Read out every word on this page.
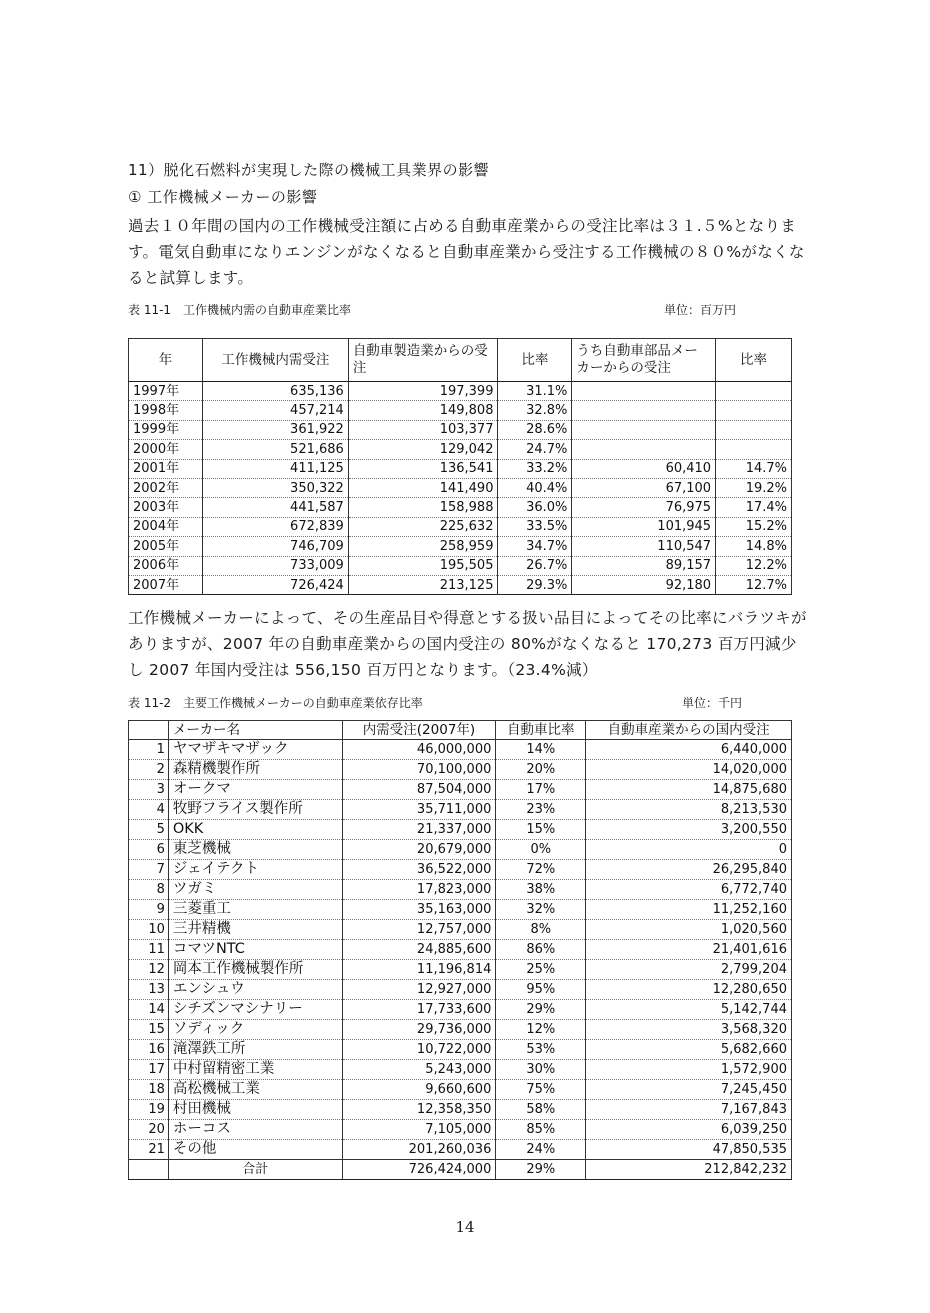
11）脱化石燃料が実現した際の機械工具業界の影響
① 工作機械メーカーの影響
過去１０年間の国内の工作機械受注額に占める自動車産業からの受注比率は３１.５%となります。電気自動車になりエンジンがなくなると自動車産業から受注する工作機械の８０%がなくなると試算します。
表 11-1　工作機械内需の自動車産業比率	単位：百万円
年	工作機械内需受注	自動車製造業からの受注	比率	うち自動車部品メーカーからの受注	比率
1997年	635,136	197,399	31.1%		
1998年	457,214	149,808	32.8%		
1999年	361,922	103,377	28.6%		
2000年	521,686	129,042	24.7%		
2001年	411,125	136,541	33.2%	60,410	14.7%
2002年	350,322	141,490	40.4%	67,100	19.2%
2003年	441,587	158,988	36.0%	76,975	17.4%
2004年	672,839	225,632	33.5%	101,945	15.2%
2005年	746,709	258,959	34.7%	110,547	14.8%
2006年	733,009	195,505	26.7%	89,157	12.2%
2007年	726,424	213,125	29.3%	92,180	12.7%
工作機械メーカーによって、その生産品目や得意とする扱い品目によってその比率にバラツキがありますが、2007 年の自動車産業からの国内受注の 80%がなくなると 170,273 百万円減少し 2007 年国内受注は 556,150 百万円となります。（23.4%減）
表 11-2　主要工作機械メーカーの自動車産業依存比率	単位：千円
	メーカー名	内需受注(2007年)	自動車比率	自動車産業からの国内受注
1	ヤマザキマザック	46,000,000	14%	6,440,000
2	森精機製作所	70,100,000	20%	14,020,000
3	オークマ	87,504,000	17%	14,875,680
4	牧野フライス製作所	35,711,000	23%	8,213,530
5	OKK	21,337,000	15%	3,200,550
6	東芝機械	20,679,000	0%	0
7	ジェイテクト	36,522,000	72%	26,295,840
8	ツガミ	17,823,000	38%	6,772,740
9	三菱重工	35,163,000	32%	11,252,160
10	三井精機	12,757,000	8%	1,020,560
11	コマツNTC	24,885,600	86%	21,401,616
12	岡本工作機械製作所	11,196,814	25%	2,799,204
13	エンシュウ	12,927,000	95%	12,280,650
14	シチズンマシナリー	17,733,600	29%	5,142,744
15	ソディック	29,736,000	12%	3,568,320
16	滝澤鉄工所	10,722,000	53%	5,682,660
17	中村留精密工業	5,243,000	30%	1,572,900
18	高松機械工業	9,660,600	75%	7,245,450
19	村田機械	12,358,350	58%	7,167,843
20	ホーコス	7,105,000	85%	6,039,250
21	その他	201,260,036	24%	47,850,535
	合計	726,424,000	29%	212,842,232
14
